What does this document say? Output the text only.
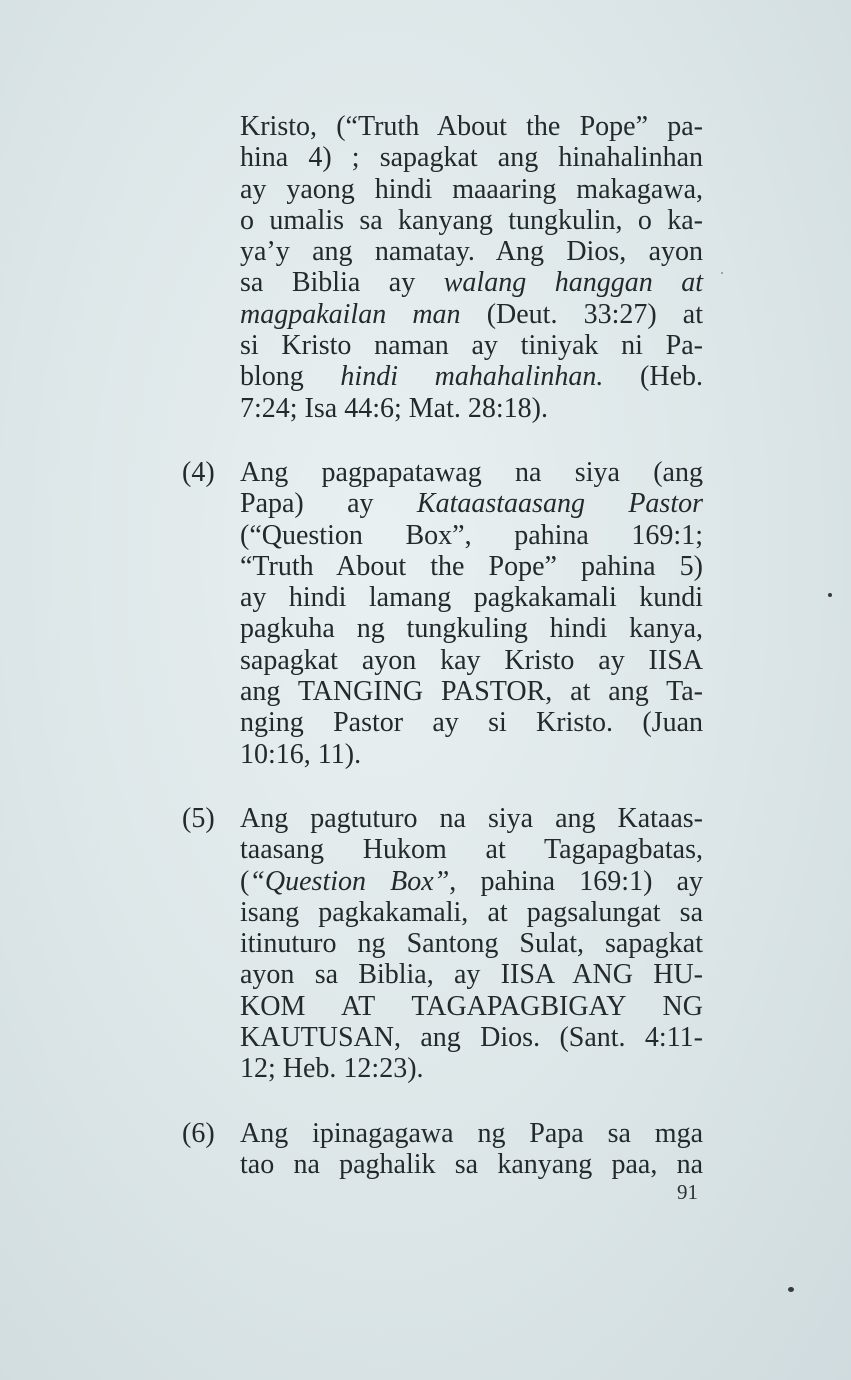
Kristo, (“Truth About the Pope” pa-
hina 4) ; sapagkat ang hinahalinhan
ay yaong hindi maaaring makagawa,
o umalis sa kanyang tungkulin, o ka-
ya’y ang namatay. Ang Dios, ayon
sa Biblia ay walang hanggan at
magpakailan man (Deut. 33:27) at
si Kristo naman ay tiniyak ni Pa-
blong hindi mahahalinhan. (Heb.
7:24; Isa 44:6; Mat. 28:18).
(4) Ang pagpapatawag na siya (ang
Papa) ay Kataastaasang Pastor
(“Question Box”, pahina 169:1;
“Truth About the Pope” pahina 5)
ay hindi lamang pagkakamali kundi
pagkuha ng tungkuling hindi kanya,
sapagkat ayon kay Kristo ay IISA
ang TANGING PASTOR, at ang Ta-
nging Pastor ay si Kristo. (Juan
10:16, 11).
(5) Ang pagtuturo na siya ang Kataas-
taasang Hukom at Tagapagbatas,
(“Question Box”, pahina 169:1) ay
isang pagkakamali, at pagsalungat sa
itinuturo ng Santong Sulat, sapagkat
ayon sa Biblia, ay IISA ANG HU-
KOM AT TAGAPAGBIGAY NG
KAUTUSAN, ang Dios. (Sant. 4:11-
12; Heb. 12:23).
(6) Ang ipinagagawa ng Papa sa mga
tao na paghalik sa kanyang paa, na
91
